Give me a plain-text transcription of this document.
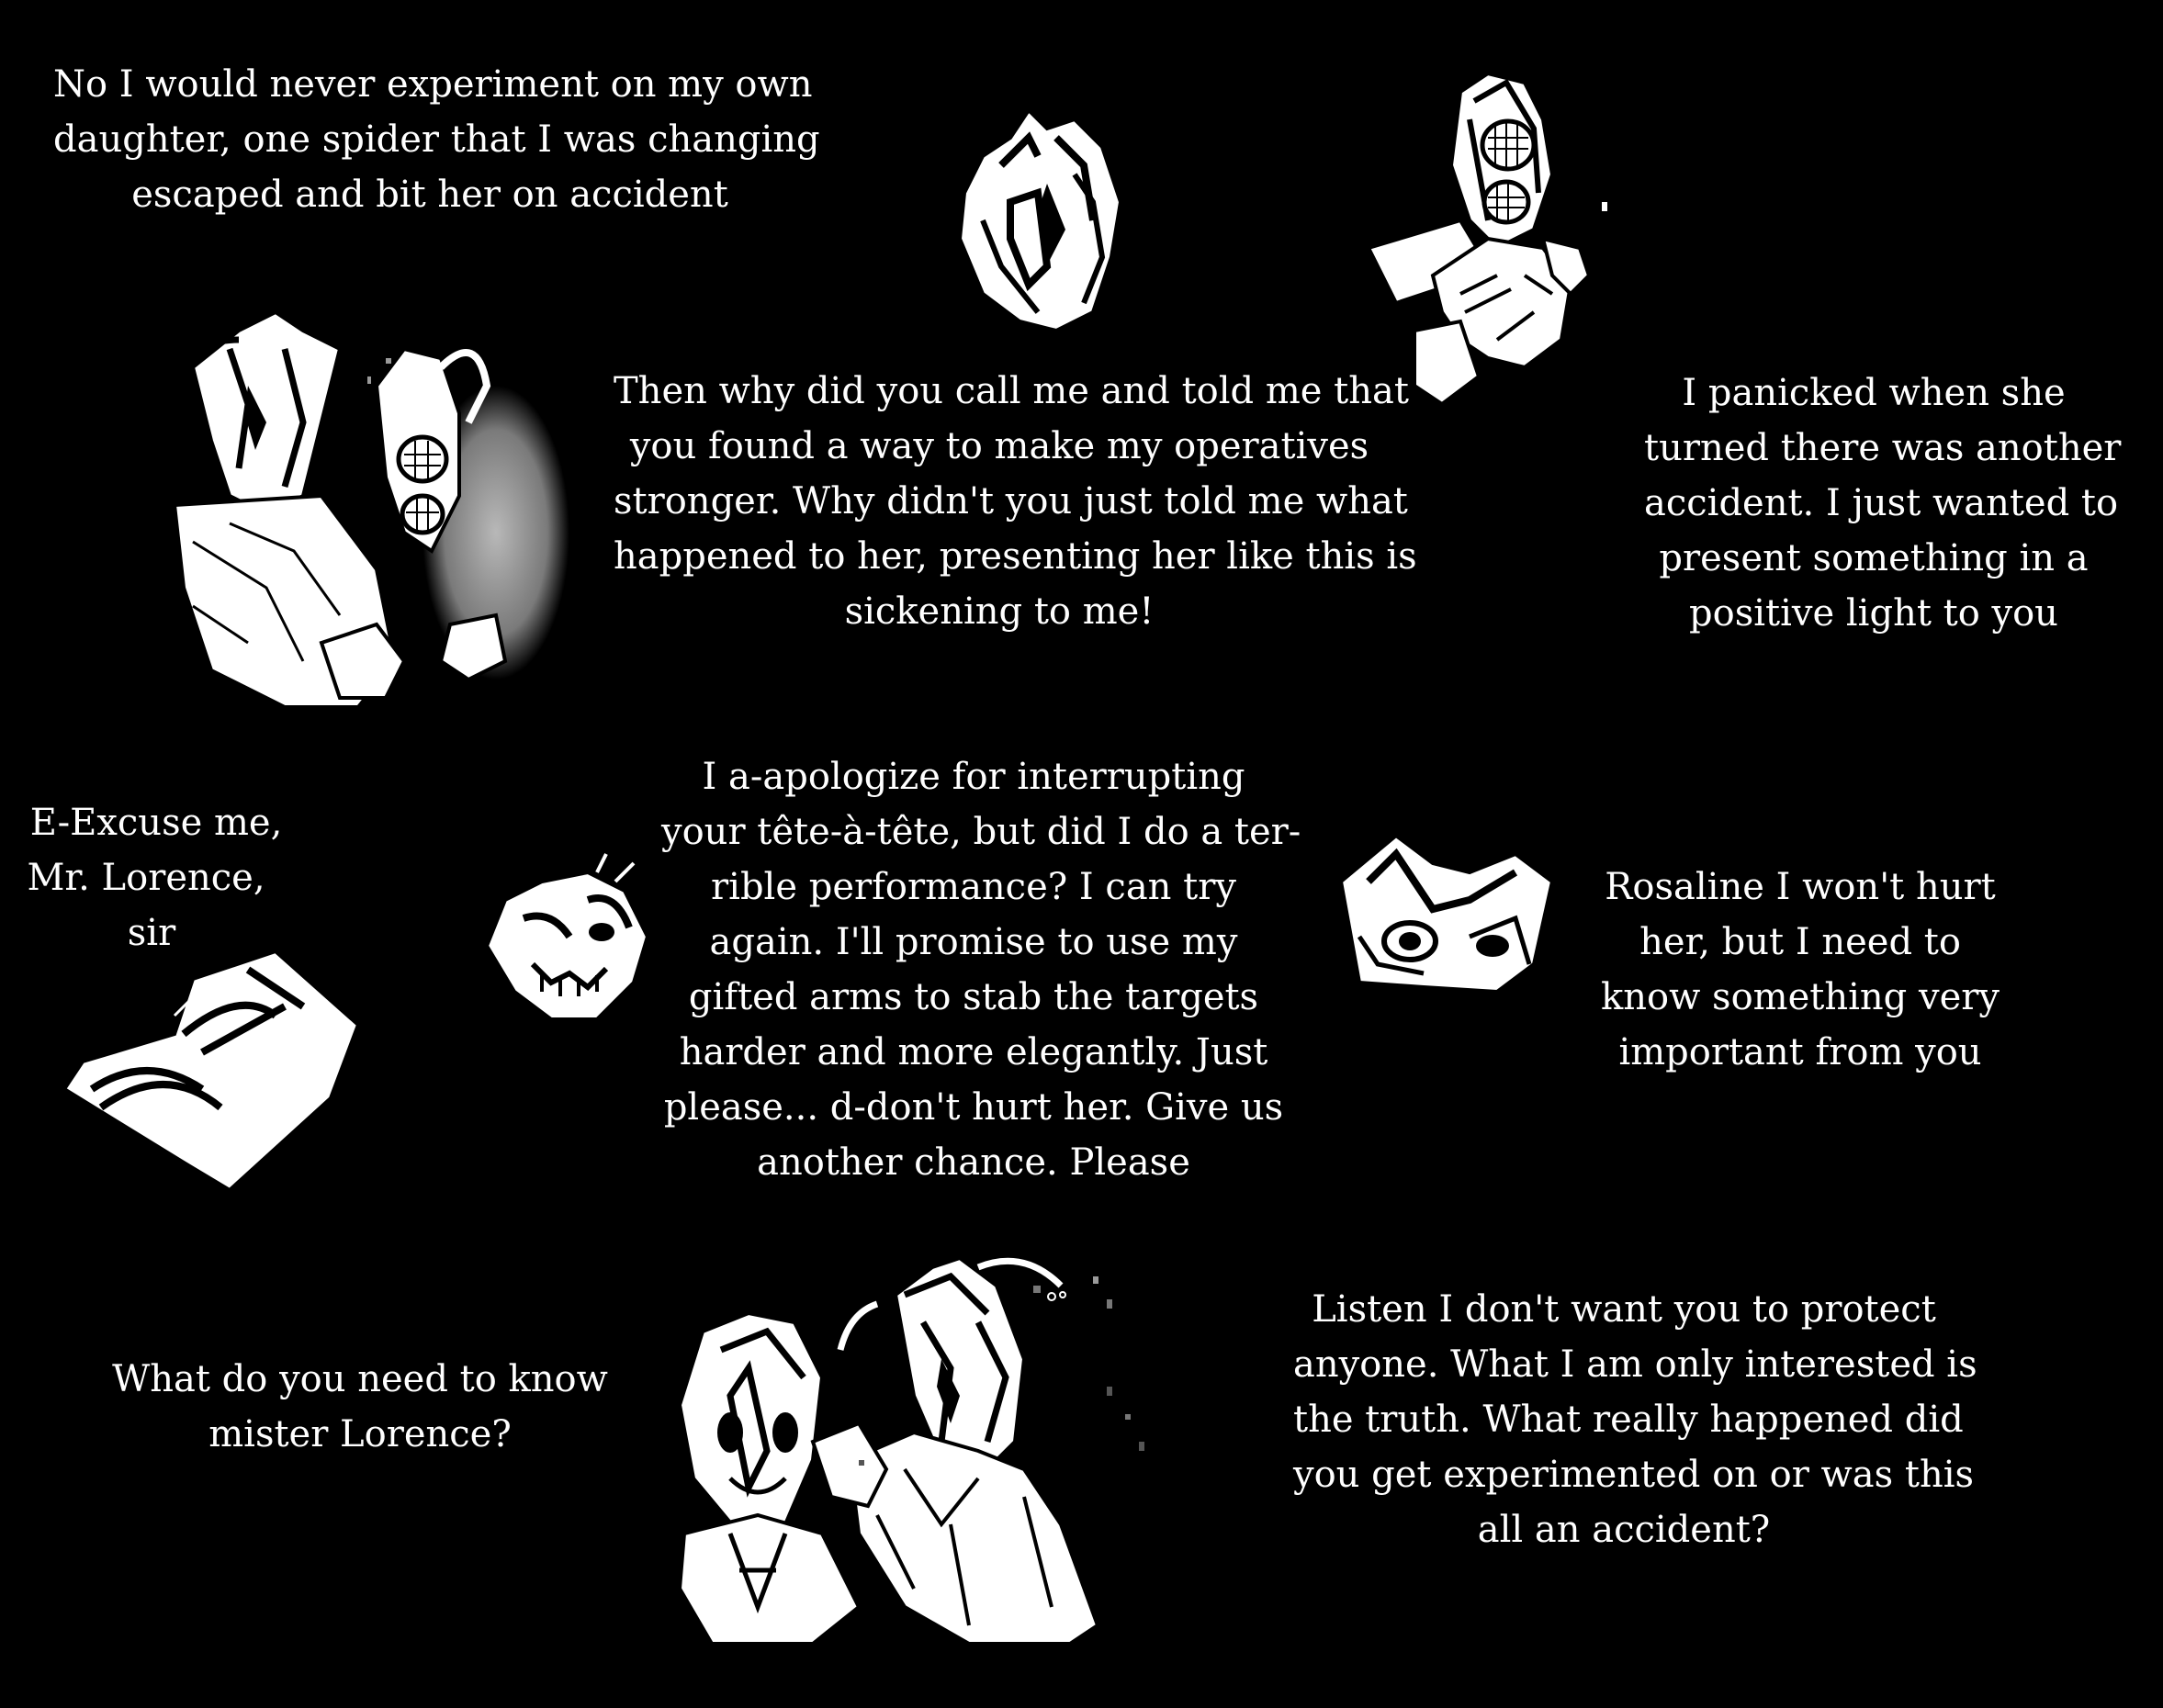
No I would never experiment on my own
daughter, one spider that I was changing
escaped and bit her on accident

Then why did you call me and told me that
you found a way to make my operatives
stronger. Why didn't you just told me what
happened to her, presenting her like this is
sickening to me!

I panicked when she
turned there was another
accident. I just wanted to
present something in a
positive light to you

E-Excuse me,
Mr. Lorence,
sir

I a-apologize for interrupting
your tête-à-tête, but did I do a ter-
rible performance? I can try
again. I'll promise to use my
gifted arms to stab the targets
harder and more elegantly. Just
please... d-don't hurt her. Give us
another chance. Please

Rosaline I won't hurt
her, but I need to
know something very
important from you

What do you need to know
mister Lorence?

Listen I don't want you to protect
anyone. What I am only interested is
the truth. What really happened did
you get experimented on or was this
all an accident?
